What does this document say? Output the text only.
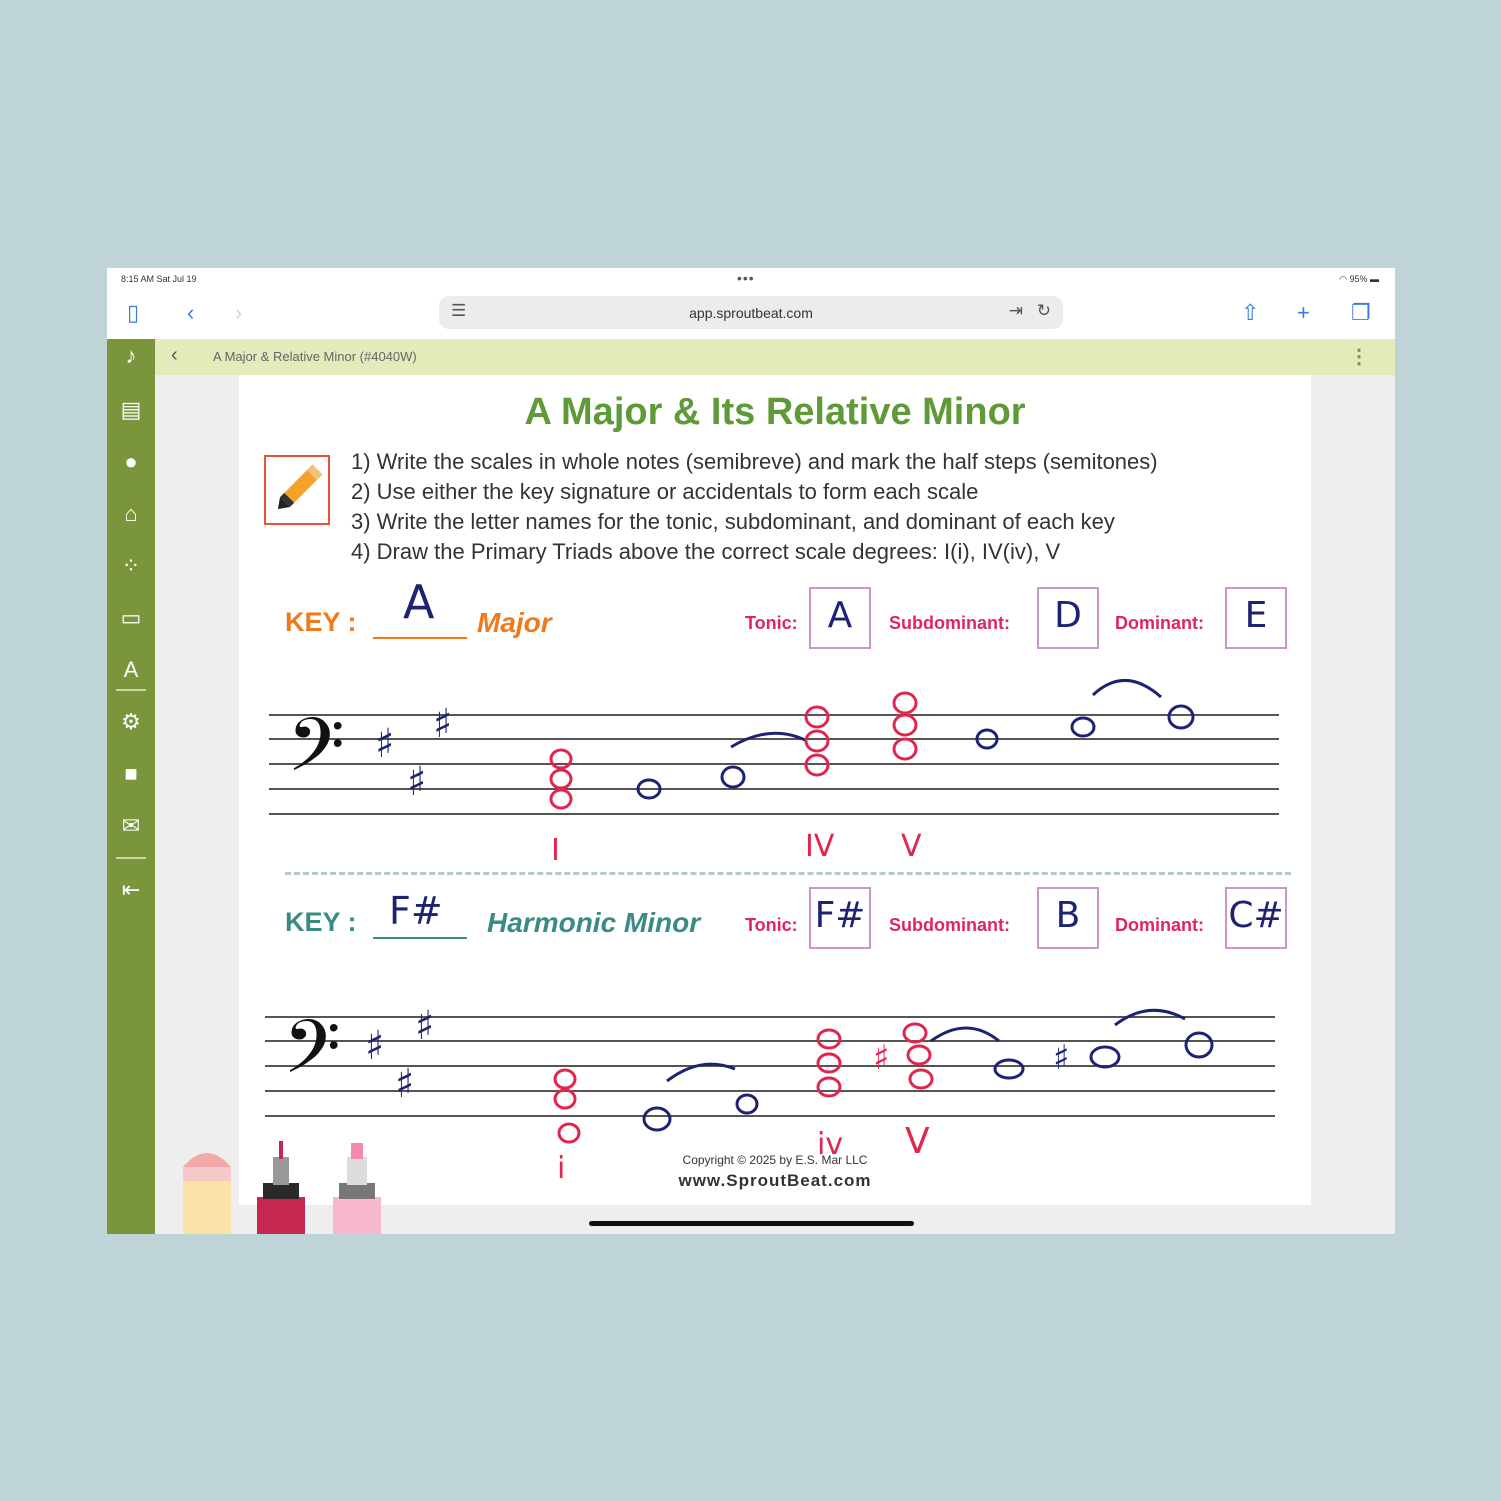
8:15 AM Sat Jul 19	•••	◠ 95% ▬
▯ ‹ ›	☰	app.sproutbeat.com	⇥ ↻	⇧ + ❐
♪
▤
●
⌂
⁘
▭
A
⚙
■
✉
⇤
‹	A Major & Relative Minor (#4040W)	⋮
A Major & Its Relative Minor
1) Write the scales in whole notes (semibreve) and mark the half steps (semitones)
2) Use either the key signature or accidentals to form each scale
3) Write the letter names for the tonic, subdominant, and dominant of each key
4) Draw the Primary Triads above the correct scale degrees: I(i), IV(iv), V
KEY : A Major	Tonic: A	Subdominant:	D	Dominant:	E
𝄢 ♯ ♯
♯
I	IV V
KEY : F# Harmonic Minor Tonic: F# Subdominant:	B	Dominant: C#
𝄢 ♯ ♯
♯
♯	♯
i
iv V
Copyright © 2025 by E.S. Mar LLC
www.SproutBeat.com
